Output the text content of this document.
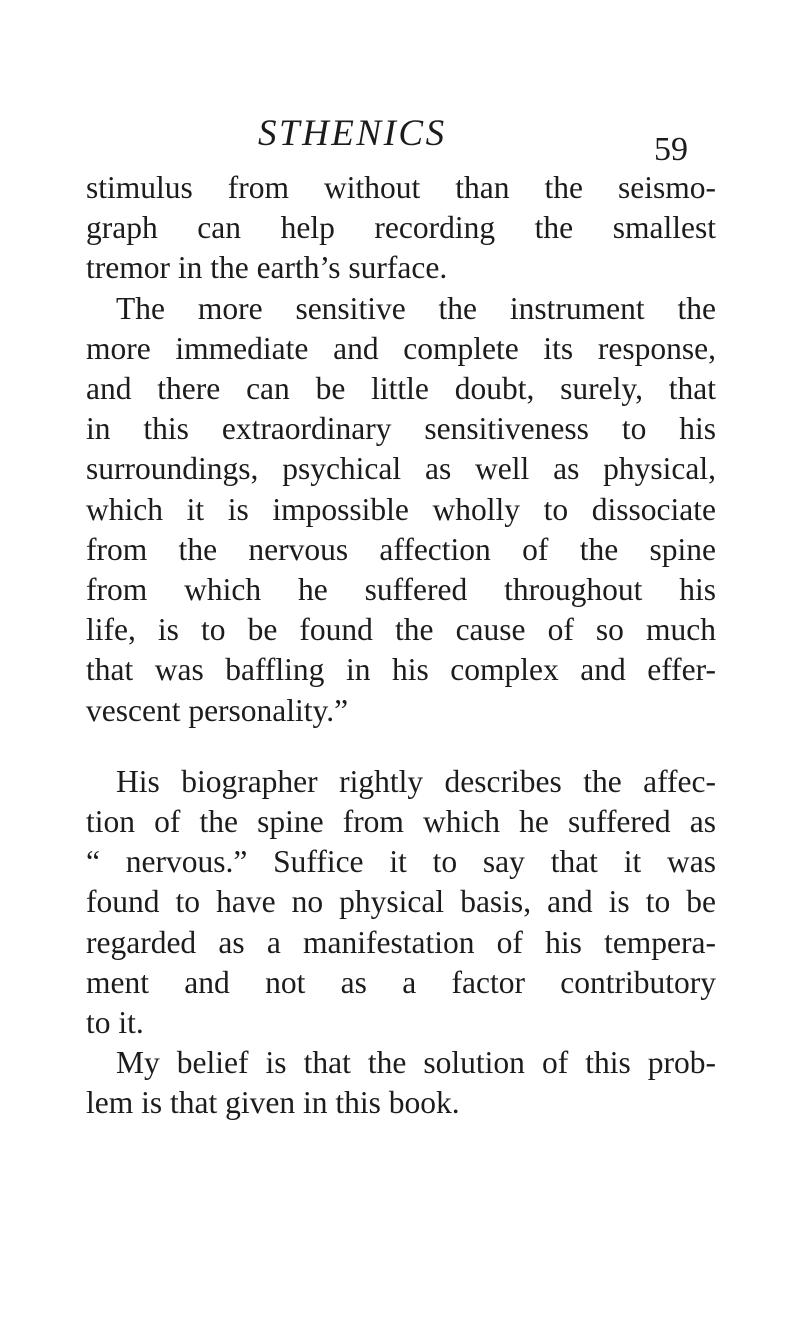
STHENICS	59
stimulus from without than the seismo-
graph can help recording the smallest
tremor in the earth’s surface.
The more sensitive the instrument the
more immediate and complete its response,
and there can be little doubt, surely, that
in this extraordinary sensitiveness to his
surroundings, psychical as well as physical,
which it is impossible wholly to dissociate
from the nervous affection of the spine
from which he suffered throughout his
life, is to be found the cause of so much
that was baffling in his complex and effer-
vescent personality.”
His biographer rightly describes the affec-
tion of the spine from which he suffered as
“ nervous.” Suffice it to say that it was
found to have no physical basis, and is to be
regarded as a manifestation of his tempera-
ment and not as a factor contributory
to it.
My belief is that the solution of this prob-
lem is that given in this book.
